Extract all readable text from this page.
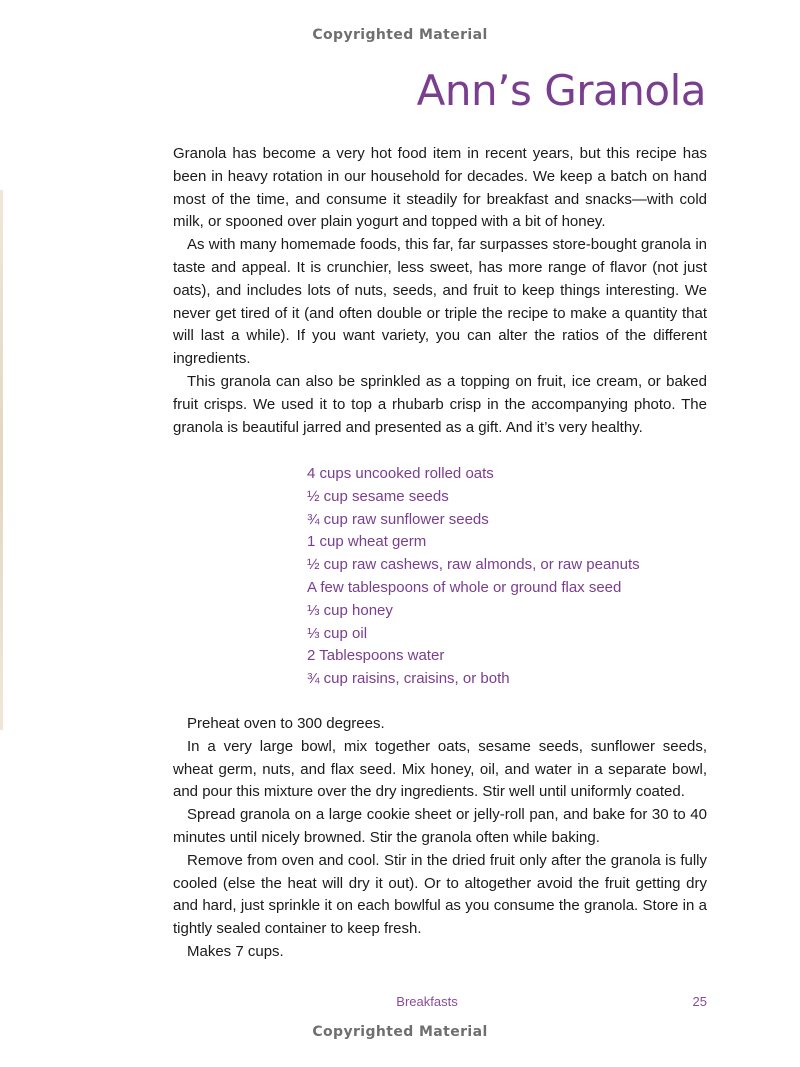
Copyrighted Material
Ann’s Granola

Granola has become a very hot food item in recent years, but this recipe has been in heavy rotation in our household for decades. We keep a batch on hand most of the time, and consume it steadily for breakfast and snacks—with cold milk, or spooned over plain yogurt and topped with a bit of honey.

As with many homemade foods, this far, far surpasses store-bought granola in taste and appeal. It is crunchier, less sweet, has more range of flavor (not just oats), and includes lots of nuts, seeds, and fruit to keep things interesting. We never get tired of it (and often double or triple the recipe to make a quantity that will last a while). If you want variety, you can alter the ratios of the different ingredients.

This granola can also be sprinkled as a topping on fruit, ice cream, or baked fruit crisps. We used it to top a rhubarb crisp in the accompanying photo. The granola is beautiful jarred and presented as a gift. And it’s very healthy.

4 cups uncooked rolled oats
½ cup sesame seeds
¾ cup raw sunflower seeds
1 cup wheat germ
½ cup raw cashews, raw almonds, or raw peanuts
A few tablespoons of whole or ground flax seed
⅓ cup honey
⅓ cup oil
2 Tablespoons water
¾ cup raisins, craisins, or both

Preheat oven to 300 degrees.

In a very large bowl, mix together oats, sesame seeds, sunflower seeds, wheat germ, nuts, and flax seed. Mix honey, oil, and water in a separate bowl, and pour this mixture over the dry ingredients. Stir well until uniformly coated.

Spread granola on a large cookie sheet or jelly-roll pan, and bake for 30 to 40 minutes until nicely browned. Stir the granola often while baking.

Remove from oven and cool. Stir in the dried fruit only after the granola is fully cooled (else the heat will dry it out). Or to altogether avoid the fruit getting dry and hard, just sprinkle it on each bowlful as you consume the granola. Store in a tightly sealed container to keep fresh.

Makes 7 cups.

Breakfasts	25
Copyrighted Material
